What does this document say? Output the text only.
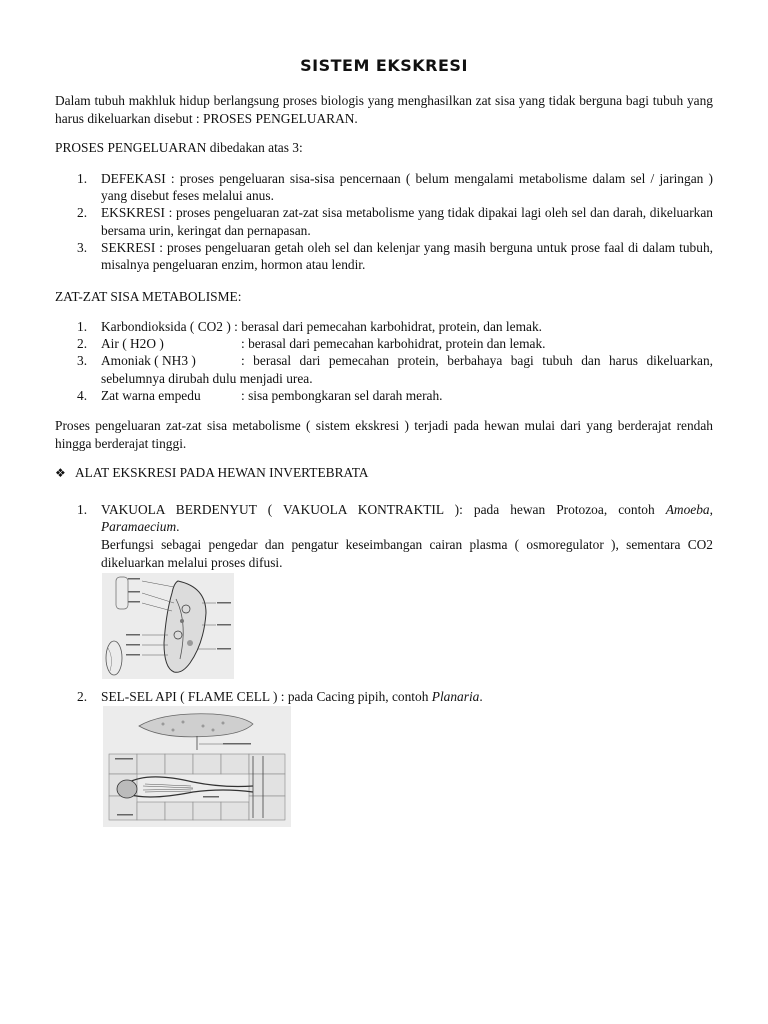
SISTEM EKSKRESI

Dalam tubuh makhluk hidup berlangsung proses biologis yang menghasilkan zat sisa yang tidak berguna bagi tubuh yang harus dikeluarkan disebut : PROSES PENGELUARAN.

PROSES PENGELUARAN dibedakan atas 3:

1. DEFEKASI : proses pengeluaran sisa-sisa pencernaan ( belum mengalami metabolisme dalam sel / jaringan ) yang disebut feses melalui anus.
2. EKSKRESI : proses pengeluaran zat-zat sisa metabolisme yang tidak dipakai lagi oleh sel dan darah, dikeluarkan bersama urin, keringat dan pernapasan.
3. SEKRESI : proses pengeluaran getah oleh sel dan kelenjar yang masih berguna untuk prose faal di dalam tubuh, misalnya pengeluaran enzim, hormon atau lendir.

ZAT-ZAT SISA METABOLISME:

1. Karbondioksida ( CO2 ) : berasal dari pemecahan karbohidrat, protein, dan lemak.
2. Air ( H2O )	: berasal dari pemecahan karbohidrat, protein dan lemak.
3. Amoniak ( NH3 )	: berasal dari pemecahan protein, berbahaya bagi tubuh dan harus dikeluarkan, sebelumnya dirubah dulu menjadi urea.
4. Zat warna empedu	: sisa pembongkaran sel darah merah.

Proses pengeluaran zat-zat sisa metabolisme ( sistem ekskresi ) terjadi pada hewan mulai dari yang berderajat rendah hingga berderajat tinggi.

❖ ALAT EKSKRESI PADA HEWAN INVERTEBRATA
1. VAKUOLA BERDENYUT ( VAKUOLA KONTRAKTIL ): pada hewan Protozoa, contoh Amoeba, Paramaecium.
Berfungsi sebagai pengedar dan pengatur keseimbangan cairan plasma ( osmoregulator ), sementara CO2 dikeluarkan melalui proses difusi.
2. SEL-SEL API ( FLAME CELL ) : pada Cacing pipih, contoh Planaria.
